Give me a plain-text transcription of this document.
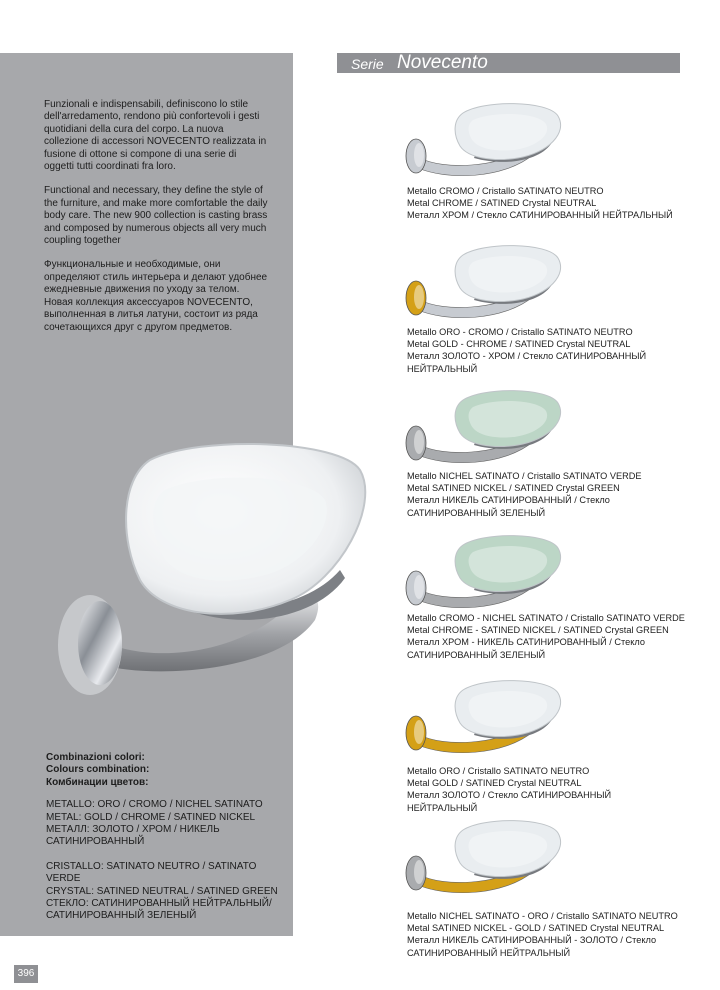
Funzionali e indispensabili, definiscono lo stile dell'arredamento, rendono più confortevoli i gesti quotidiani della cura del corpo. La nuova collezione di accessori NOVECENTO realizzata in fusione di ottone si compone di una serie di oggetti tutti coordinati fra loro.

Functional and necessary, they define the style of the furniture, and make more comfortable the daily body care. The new 900 collection is casting brass and composed by numerous objects all very much coupling together

Функциональные и необходимые, они определяют стиль интерьера и делают удобнее ежедневные движения по уходу за телом. Новая коллекция аксессуаров NOVECENTO, выполненная в литья латуни, состоит из ряда сочетающихся друг с другом предметов.

Combinazioni colori:
Colours combination:
Комбинации цветов:
METALLO: ORO / CROMO / NICHEL SATINATO
METAL: GOLD / CHROME / SATINED NICKEL
МЕТАЛЛ: ЗОЛОТО / ХРОМ / НИКЕЛЬ
САТИНИРОВАННЫЙ
CRISTALLO: SATINATO NEUTRO / SATINATO VERDE
CRYSTAL: SATINED NEUTRAL / SATINED GREEN
СТЕКЛО: САТИНИРОВАННЫЙ НЕЙТРАЛЬНЫЙ/
САТИНИРОВАННЫЙ ЗЕЛЕНЫЙ
Serie Novecento
Metallo CROMO / Cristallo SATINATO NEUTRO
Metal CHROME / SATINED Crystal NEUTRAL
Металл ХРОМ / Стекло САТИНИРОВАННЫЙ НЕЙТРАЛЬНЫЙ
Metallo ORO - CROMO / Cristallo SATINATO NEUTRO
Metal GOLD - CHROME / SATINED Crystal NEUTRAL
Металл ЗОЛОТО - ХРОМ / Стекло САТИНИРОВАННЫЙ
НЕЙТРАЛЬНЫЙ
Metallo NICHEL SATINATO / Cristallo SATINATO VERDE
Metal SATINED NICKEL / SATINED Crystal GREEN
Металл НИКЕЛЬ САТИНИРОВАННЫЙ / Стекло
САТИНИРОВАННЫЙ ЗЕЛЕНЫЙ
Metallo CROMO - NICHEL SATINATO / Cristallo SATINATO VERDE
Metal CHROME - SATINED NICKEL / SATINED Crystal GREEN
Металл ХРОМ - НИКЕЛЬ САТИНИРОВАННЫЙ / Стекло
САТИНИРОВАННЫЙ ЗЕЛЕНЫЙ
Metallo ORO / Cristallo SATINATO NEUTRO
Metal GOLD / SATINED Crystal NEUTRAL
Металл ЗОЛОТО / Стекло САТИНИРОВАННЫЙ
НЕЙТРАЛЬНЫЙ
Metallo NICHEL SATINATO - ORO / Cristallo SATINATO NEUTRO
Metal SATINED NICKEL - GOLD / SATINED Crystal NEUTRAL
Металл НИКЕЛЬ САТИНИРОВАННЫЙ - ЗОЛОТО / Стекло
САТИНИРОВАННЫЙ НЕЙТРАЛЬНЫЙ
396
